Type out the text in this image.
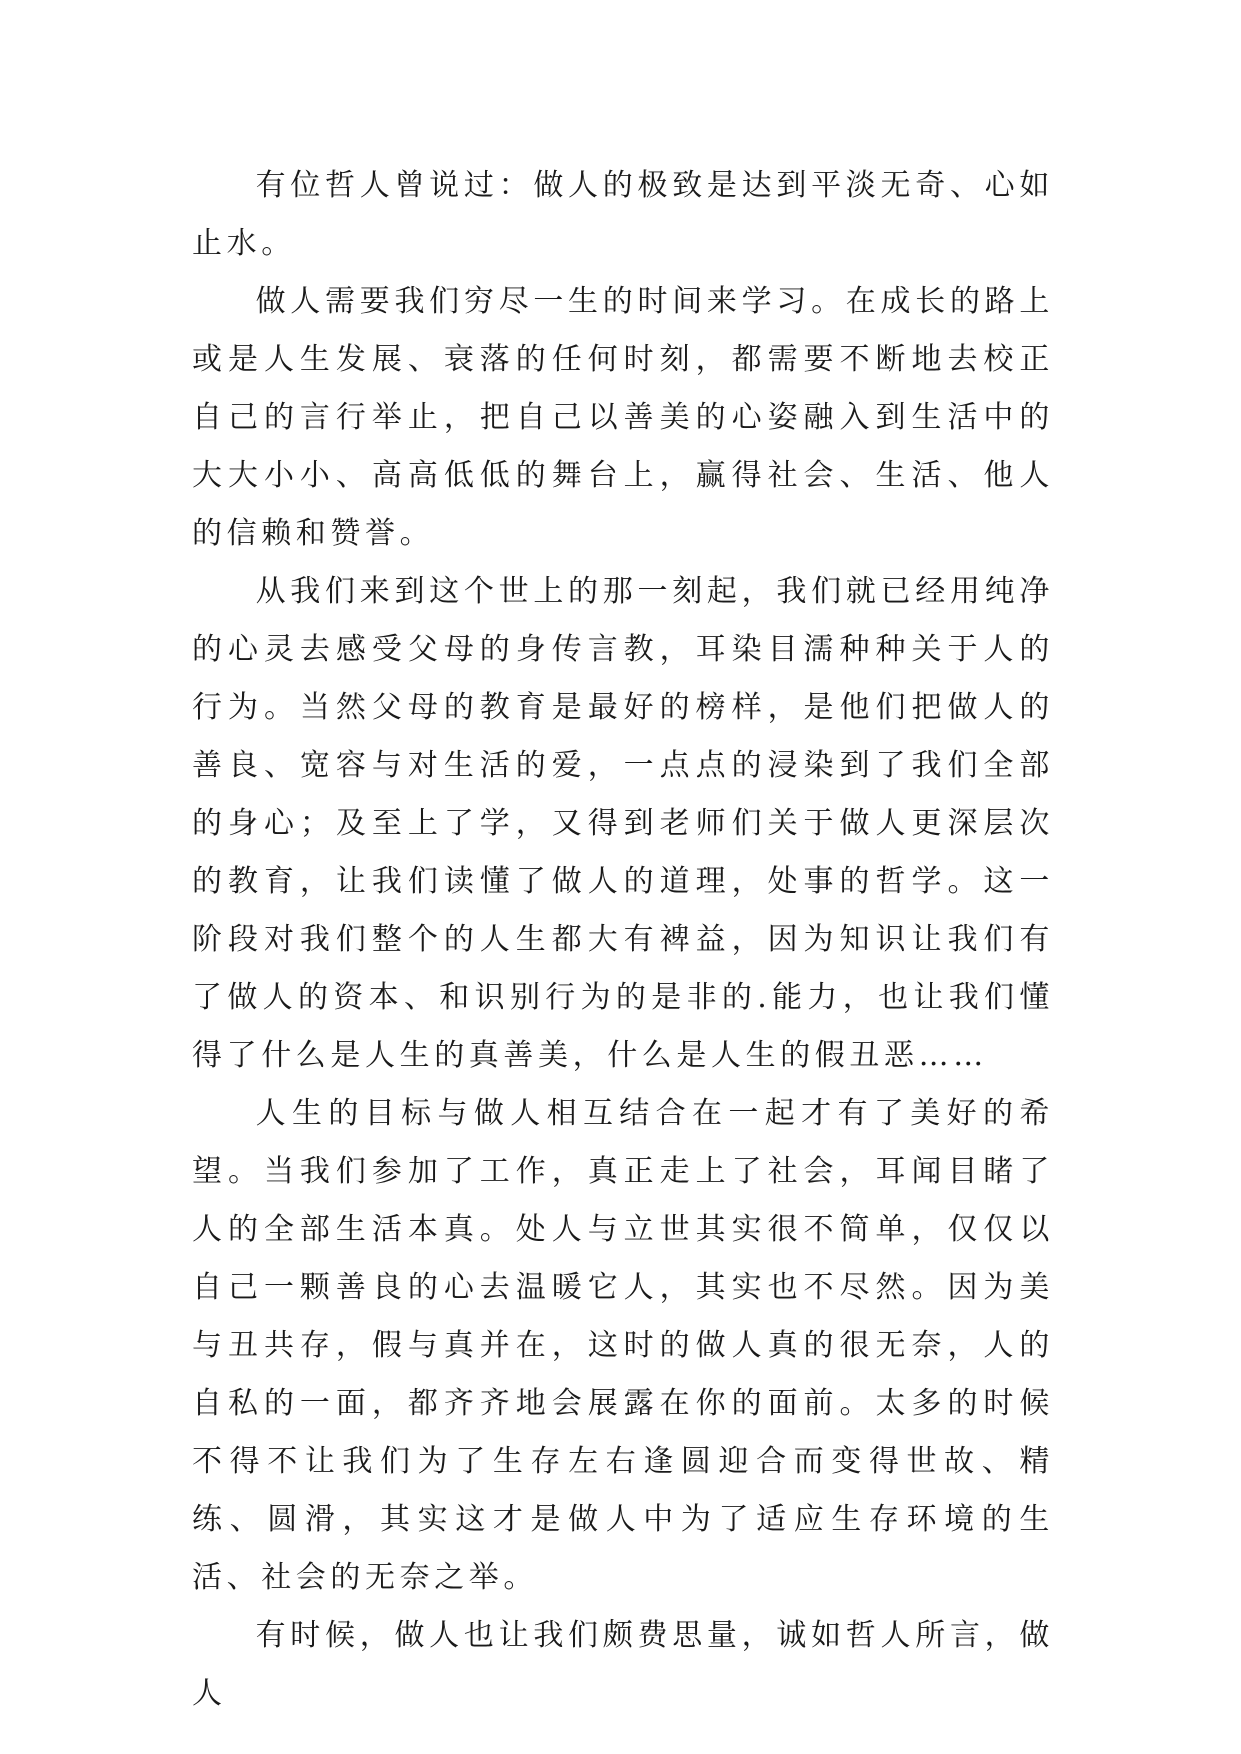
有位哲人曾说过：做人的极致是达到平淡无奇、心如止水。

做人需要我们穷尽一生的时间来学习。在成长的路上或是人生发展、衰落的任何时刻，都需要不断地去校正自己的言行举止，把自己以善美的心姿融入到生活中的大大小小、高高低低的舞台上，赢得社会、生活、他人的信赖和赞誉。

从我们来到这个世上的那一刻起，我们就已经用纯净的心灵去感受父母的身传言教，耳染目濡种种关于人的行为。当然父母的教育是最好的榜样，是他们把做人的善良、宽容与对生活的爱，一点点的浸染到了我们全部的身心；及至上了学，又得到老师们关于做人更深层次的教育，让我们读懂了做人的道理，处事的哲学。这一阶段对我们整个的人生都大有裨益，因为知识让我们有了做人的资本、和识别行为的是非的.能力，也让我们懂得了什么是人生的真善美，什么是人生的假丑恶……

人生的目标与做人相互结合在一起才有了美好的希望。当我们参加了工作，真正走上了社会，耳闻目睹了人的全部生活本真。处人与立世其实很不简单，仅仅以自己一颗善良的心去温暖它人，其实也不尽然。因为美与丑共存，假与真并在，这时的做人真的很无奈，人的自私的一面，都齐齐地会展露在你的面前。太多的时候不得不让我们为了生存左右逢圆迎合而变得世故、精练、圆滑，其实这才是做人中为了适应生存环境的生活、社会的无奈之举。

有时候，做人也让我们颇费思量，诚如哲人所言，做人
